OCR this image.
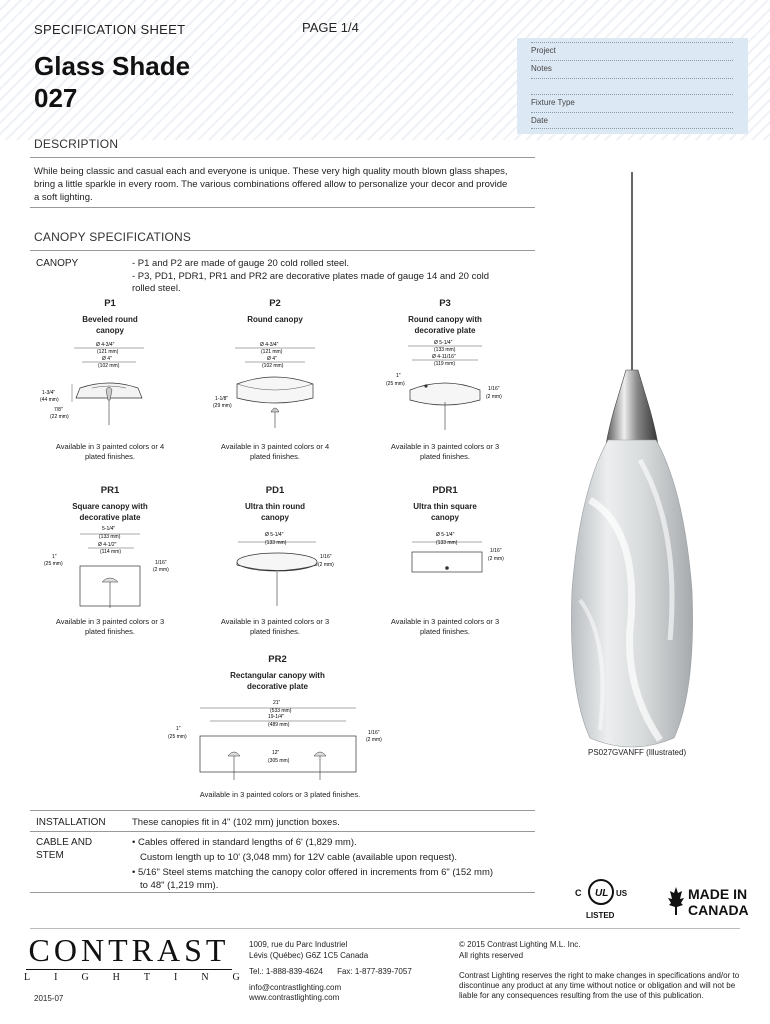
SPECIFICATION SHEET	PAGE 1/4
Glass Shade
027
Project
Notes
Fixture Type
Date
DESCRIPTION
While being classic and casual each and everyone is unique. These very high quality mouth blown glass shapes, bring a little sparkle in every room. The various combinations offered allow to personalize your decor and provide a soft lighting.
CANOPY SPECIFICATIONS
CANOPY	- P1 and P2 are made of gauge 20 cold rolled steel.
- P3, PD1, PDR1, PR1 and PR2 are decorative plates made of gauge 14 and 20 cold rolled steel.
P1
Beveled round canopy
Ø 4-3/4"
(121 mm)
Ø 4"
(102 mm)
1-3/4"
(44 mm)
7/8"
(22 mm)
Available in 3 painted colors or 4 plated finishes.
P2
Round canopy
Ø 4-3/4"
(121 mm)
Ø 4"
(102 mm)
1-1/8"
(29 mm)
Available in 3 painted colors or 4 plated finishes.
P3
Round canopy with decorative plate
Ø 5-1/4"
(133 mm)
Ø 4-11/16"
(119 mm)
1"
(25 mm)
1/16"
(2 mm)
Available in 3 painted colors or 3 plated finishes.
PR1
Square canopy with decorative plate
5-1/4"
(133 mm)
Ø 4-1/2"
(114 mm)
1"
(25 mm)	1/16"
(2 mm)
Available in 3 painted colors or 3 plated finishes.
PD1
Ultra thin round canopy
Ø 5-1/4"
(133 mm)
1/16"
(2 mm)
Available in 3 painted colors or 3 plated finishes.
PDR1
Ultra thin square canopy
Ø 5-1/4"
(133 mm)
1/16"
(2 mm)
Available in 3 painted colors or 3 plated finishes.
PR2
Rectangular canopy with decorative plate
21"
(533 mm)
19-1/4"
(489 mm)
1"
(25 mm)
1/16"
(2 mm)
12"
(305 mm)
Available in 3 painted colors or 3 plated finishes.
INSTALLATION	These canopies fit in 4" (102 mm) junction boxes.
CABLE AND
STEM
• Cables offered in standard lengths of 6' (1,829 mm).
Custom length up to 10' (3,048 mm) for 12V cable (available upon request).
• 5/16" Steel stems matching the canopy color offered in increments from 6" (152 mm)
to 48" (1,219 mm).
PS027GVANFF (Illustrated)
UL
C	US
LISTED
MADE IN
CANADA
CONTRAST
LIGHTING
2015-07
1009, rue du Parc Industriel
Lévis (Québec) G6Z 1C5 Canada
Tel.: 1-888-839-4624 Fax: 1-877-839-7057
info@contrastlighting.com
www.contrastlighting.com
© 2015 Contrast Lighting M.L. Inc.
All rights reserved
Contrast Lighting reserves the right to make changes in specifications and/or to discontinue any product at any time without notice or obligation and will not be liable for any consequences resulting from the use of this publication.
